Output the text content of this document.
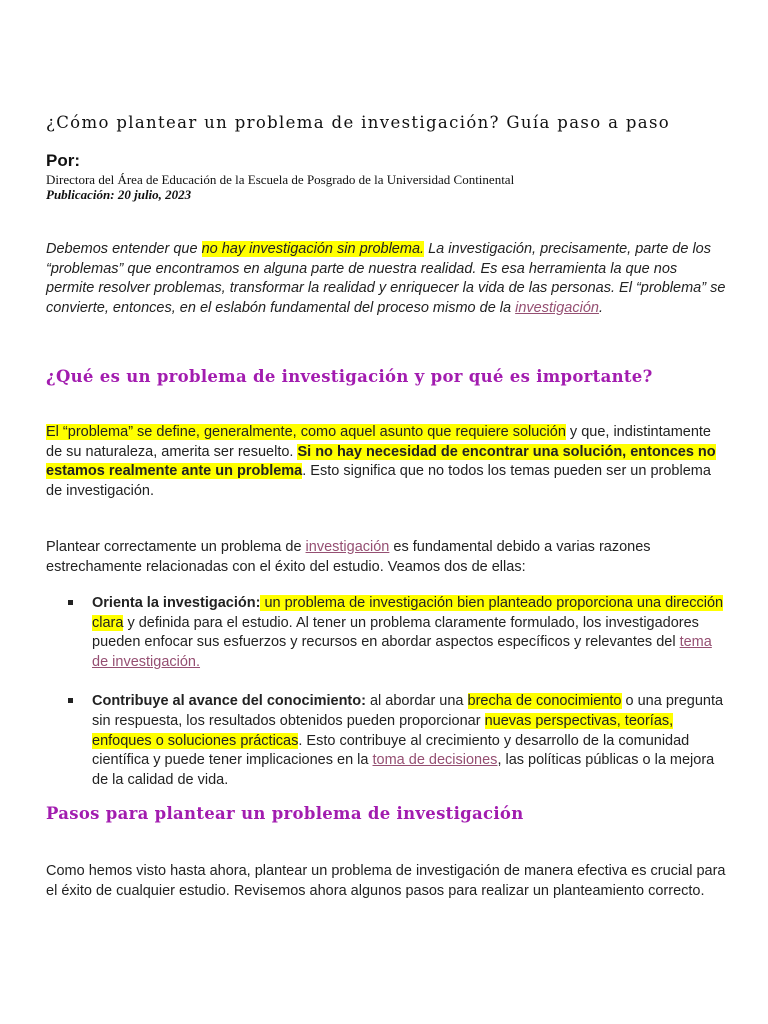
¿Cómo plantear un problema de investigación? Guía paso a paso
Por:
Directora del Área de Educación de la Escuela de Posgrado de la Universidad Continental
Publicación: 20 julio, 2023

Debemos entender que no hay investigación sin problema. La investigación, precisamente, parte de los “problemas” que encontramos en alguna parte de nuestra realidad. Es esa herramienta la que nos permite resolver problemas, transformar la realidad y enriquecer la vida de las personas. El “problema” se convierte, entonces, en el eslabón fundamental del proceso mismo de la investigación.

¿Qué es un problema de investigación y por qué es importante?

El “problema” se define, generalmente, como aquel asunto que requiere solución y que, indistintamente de su naturaleza, amerita ser resuelto. Si no hay necesidad de encontrar una solución, entonces no estamos realmente ante un problema. Esto significa que no todos los temas pueden ser un problema de investigación.

Plantear correctamente un problema de investigación es fundamental debido a varias razones estrechamente relacionadas con el éxito del estudio. Veamos dos de ellas:

Orienta la investigación: un problema de investigación bien planteado proporciona una dirección clara y definida para el estudio. Al tener un problema claramente formulado, los investigadores pueden enfocar sus esfuerzos y recursos en abordar aspectos específicos y relevantes del tema de investigación.
Contribuye al avance del conocimiento: al abordar una brecha de conocimiento o una pregunta sin respuesta, los resultados obtenidos pueden proporcionar nuevas perspectivas, teorías, enfoques o soluciones prácticas. Esto contribuye al crecimiento y desarrollo de la comunidad científica y puede tener implicaciones en la toma de decisiones, las políticas públicas o la mejora de la calidad de vida.
Pasos para plantear un problema de investigación

Como hemos visto hasta ahora, plantear un problema de investigación de manera efectiva es crucial para el éxito de cualquier estudio. Revisemos ahora algunos pasos para realizar un planteamiento correcto.
